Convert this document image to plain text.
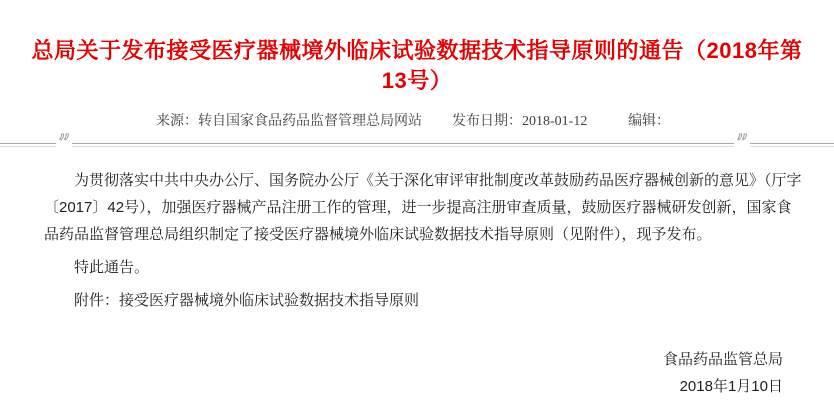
总局关于发布接受医疗器械境外临床试验数据技术指导原则的通告（2018年第13号）
来源：转自国家食品药品监督管理总局网站 发布日期：2018-01-12	编辑：
”	”

为贯彻落实中共中央办公厅、国务院办公厅《关于深化审评审批制度改革鼓励药品医疗器械创新的意见》（厅字〔2017〕42号），加强医疗器械产品注册工作的管理，进一步提高注册审查质量，鼓励医疗器械研发创新，国家食品药品监督管理总局组织制定了接受医疗器械境外临床试验数据技术指导原则（见附件），现予发布。

特此通告。

附件：接受医疗器械境外临床试验数据技术指导原则

食品药品监管总局
2018年1月10日
